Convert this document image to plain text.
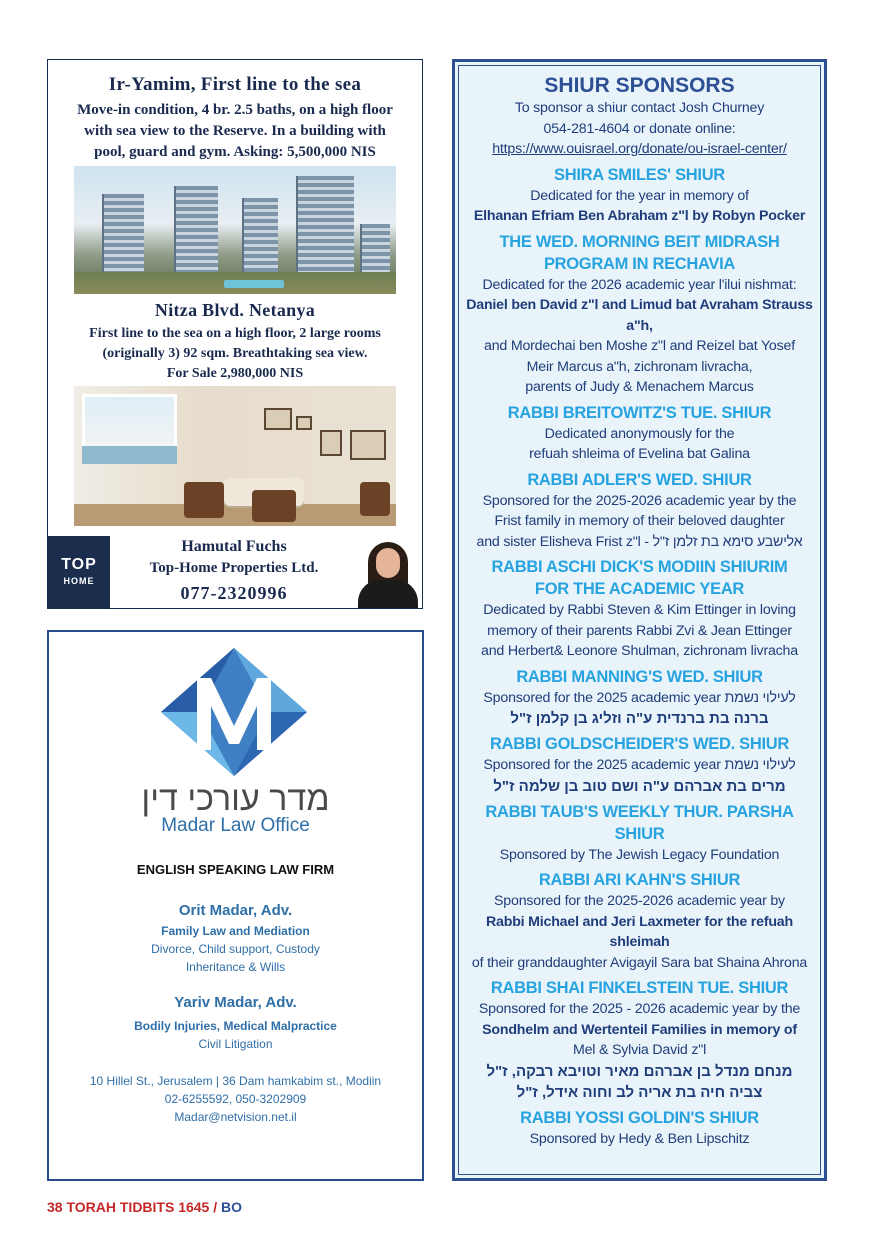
Ir-Yamim, First line to the sea
Move-in condition, 4 br. 2.5 baths, on a high floor
with sea view to the Reserve. In a building with
pool, guard and gym. Asking: 5,500,000 NIS
Nitza Blvd. Netanya
First line to the sea on a high floor, 2 large rooms
(originally 3) 92 sqm. Breathtaking sea view.
For Sale 2,980,000 NIS
TOP
HOME
Hamutal Fuchs
Top-Home Properties Ltd.
077-2320996
מדר עורכי דין
Madar Law Office
ENGLISH SPEAKING LAW FIRM
Orit Madar, Adv.
Family Law and Mediation
Divorce, Child support, Custody
Inheritance & Wills
Yariv Madar, Adv.
Bodily Injuries, Medical Malpractice
Civil Litigation
10 Hillel St., Jerusalem | 36 Dam hamkabim st., Modiin
02-6255592, 050-3202909
Madar@netvision.net.il
SHIUR SPONSORS
To sponsor a shiur contact Josh Churney
054-281-4604 or donate online:
https://www.ouisrael.org/donate/ou-israel-center/
SHIRA SMILES' SHIUR
Dedicated for the year in memory of
Elhanan Efriam Ben Abraham z"l by Robyn Pocker
THE WED. MORNING BEIT MIDRASH
PROGRAM IN RECHAVIA
Dedicated for the 2026 academic year l'ilui nishmat:
Daniel ben David z"l and Limud bat Avraham Strauss a"h,
and Mordechai ben Moshe z"l and Reizel bat Yosef
Meir Marcus a"h, zichronam livracha,
parents of Judy & Menachem Marcus
RABBI BREITOWITZ'S TUE. SHIUR
Dedicated anonymously for the
refuah shleima of Evelina bat Galina
RABBI ADLER'S WED. SHIUR
Sponsored for the 2025-2026 academic year by the
Frist family in memory of their beloved daughter
and sister Elisheva Frist z"l - אלישבע סימא בת זלמן ז"ל
RABBI ASCHI DICK'S MODIIN SHIURIM
FOR THE ACADEMIC YEAR
Dedicated by Rabbi Steven & Kim Ettinger in loving
memory of their parents Rabbi Zvi & Jean Ettinger
and Herbert& Leonore Shulman, zichronam livracha
RABBI MANNING'S WED. SHIUR
Sponsored for the 2025 academic year לעילוי נשמת
ברנה בת ברנדית ע"ה וזליג בן קלמן ז"ל
RABBI GOLDSCHEIDER'S WED. SHIUR
Sponsored for the 2025 academic year לעילוי נשמת
מרים בת אברהם ע"ה ושם טוב בן שלמה ז"ל
RABBI TAUB'S WEEKLY THUR. PARSHA SHIUR
Sponsored by The Jewish Legacy Foundation
RABBI ARI KAHN'S SHIUR
Sponsored for the 2025-2026 academic year by
Rabbi Michael and Jeri Laxmeter for the refuah shleimah
of their granddaughter Avigayil Sara bat Shaina Ahrona
RABBI SHAI FINKELSTEIN TUE. SHIUR
Sponsored for the 2025 - 2026 academic year by the
Sondhelm and Wertenteil Families in memory of
Mel & Sylvia David z"l
מנחם מנדל בן אברהם מאיר וטויבא רבקה, ז"ל
צביה חיה בת אריה לב וחוה אידל, ז"ל
RABBI YOSSI GOLDIN'S SHIUR
Sponsored by Hedy & Ben Lipschitz
38 TORAH TIDBITS 1645 / BO
